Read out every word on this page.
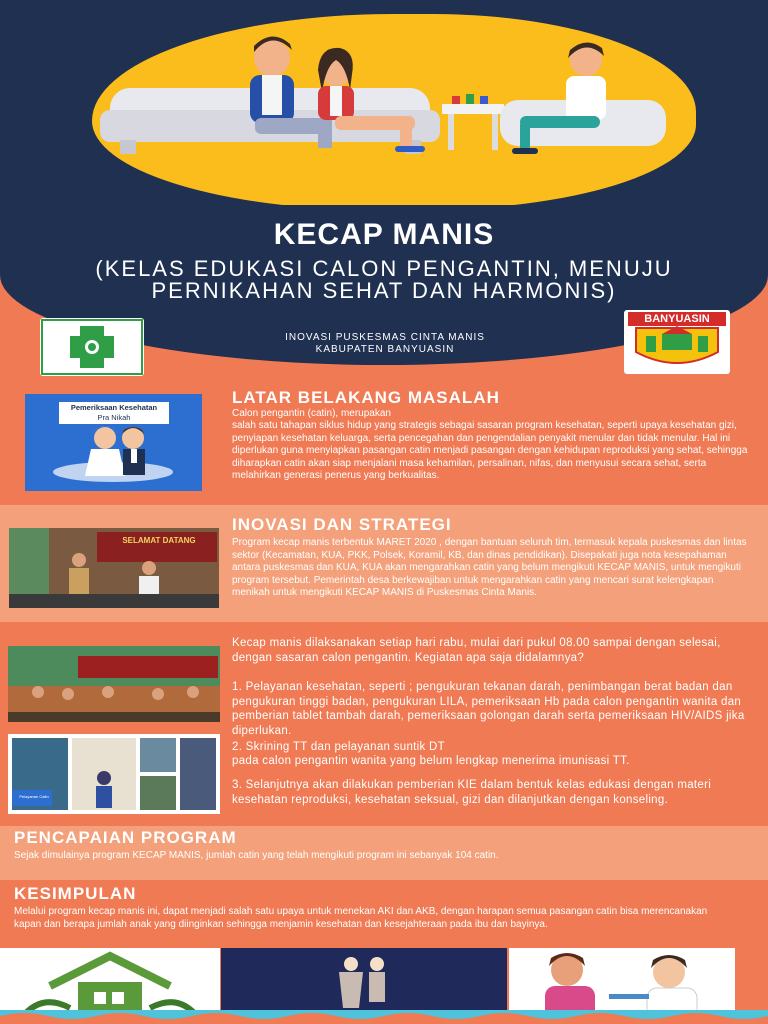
KECAP MANIS
(KELAS EDUKASI CALON PENGANTIN, MENUJU PERNIKAHAN SEHAT DAN HARMONIS)
INOVASI PUSKESMAS CINTA MANIS
KABUPATEN BANYUASIN
BANYUASIN
Pemeriksaan Kesehatan
Pra Nikah
LATAR BELAKANG MASALAH
Calon pengantin (catin), merupakan
salah satu tahapan siklus hidup yang strategis sebagai sasaran program kesehatan, seperti upaya kesehatan gizi, penyiapan kesehatan keluarga, serta pencegahan dan pengendalian penyakit menular dan tidak menular. Hal ini diperlukan guna menyiapkan pasangan catin menjadi pasangan dengan kehidupan reproduksi yang sehat, sehingga diharapkan catin akan siap menjalani masa kehamilan, persalinan, nifas, dan menyusui secara sehat, serta melahirkan generasi penerus yang berkualitas.
SELAMAT DATANG
INOVASI DAN STRATEGI
Program kecap manis terbentuk MARET 2020 , dengan bantuan seluruh tim, termasuk kepala puskesmas dan lintas sektor (Kecamatan, KUA, PKK, Polsek, Koramil, KB, dan dinas pendidikan). Disepakati juga nota kesepahaman antara puskesmas dan KUA, KUA akan mengarahkan catin yang belum mengikuti KECAP MANIS, untuk mengikuti program tersebut. Pemerintah desa berkewajiban untuk mengarahkan catin yang mencari surat kelengkapan menikah untuk mengikuti KECAP MANIS di Puskesmas Cinta Manis.
Pelayanan Catin
Kecap manis dilaksanakan setiap hari rabu, mulai dari pukul 08.00 sampai dengan selesai, dengan sasaran calon pengantin. Kegiatan apa saja didalamnya?
1. Pelayanan kesehatan, seperti ; pengukuran tekanan darah, penimbangan berat badan dan pengukuran tinggi badan, pengukuran LILA, pemeriksaan Hb pada calon pengantin wanita dan pemberian tablet tambah darah, pemeriksaan golongan darah serta pemeriksaan HIV/AIDS jika diperlukan.
2. Skrining TT dan pelayanan suntik DT
pada calon pengantin wanita yang belum lengkap menerima imunisasi TT.
3. Selanjutnya akan dilakukan pemberian KIE dalam bentuk kelas edukasi dengan materi kesehatan reproduksi, kesehatan seksual, gizi dan dilanjutkan dengan konseling.
PENCAPAIAN PROGRAM
Sejak dimulainya program KECAP MANIS, jumlah catin yang telah mengikuti program ini sebanyak 104 catin.
KESIMPULAN
Melalui program kecap manis ini, dapat menjadi salah satu upaya untuk menekan AKI dan AKB, dengan harapan semua pasangan catin bisa merencanakan kapan dan berapa jumlah anak yang diinginkan sehingga menjamin kesehatan dan kesejahteraan pada ibu dan bayinya.
